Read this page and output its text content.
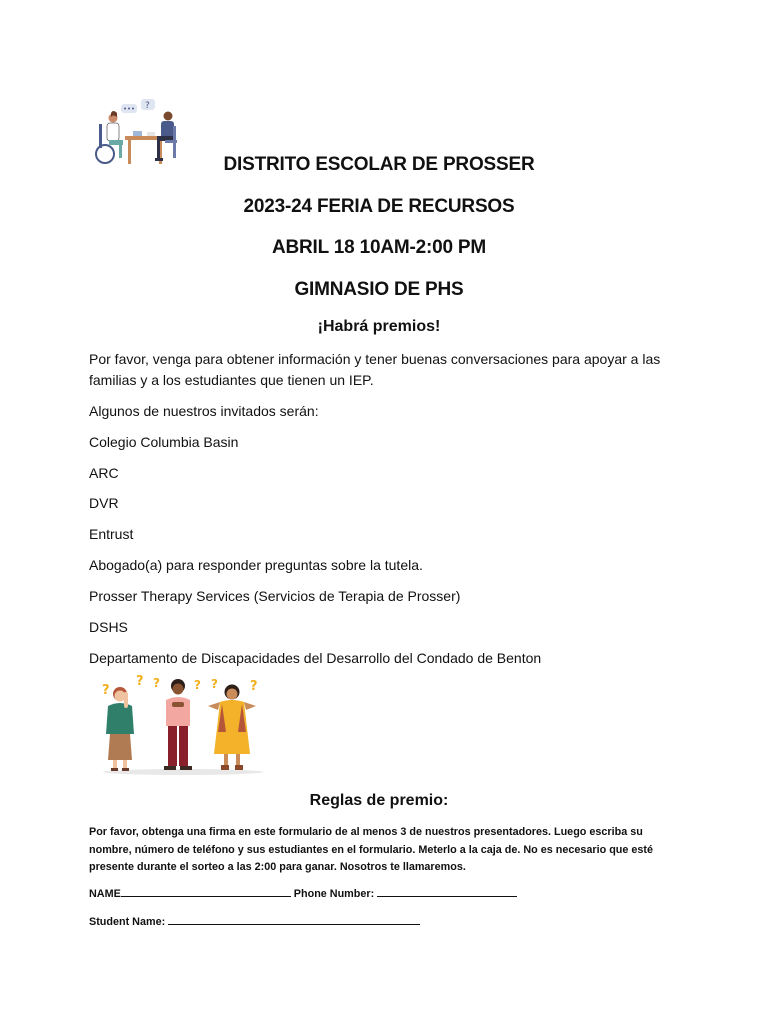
?
DISTRITO ESCOLAR DE PROSSER
2023-24 FERIA DE RECURSOS
ABRIL 18 10AM-2:00 PM
GIMNASIO DE PHS
¡Habrá premios!
Por favor, venga para obtener información y tener buenas conversaciones para apoyar a las familias y a los estudiantes que tienen un IEP.
Algunos de nuestros invitados serán:
Colegio Columbia Basin
ARC
DVR
Entrust
Abogado(a) para responder preguntas sobre la tutela.
Prosser Therapy Services (Servicios de Terapia de Prosser)
DSHS
Departamento de Discapacidades del Desarrollo del Condado de Benton
?
? ?	? ? ?
Reglas de premio:
Por favor, obtenga una firma en este formulario de al menos 3 de nuestros presentadores. Luego escriba su nombre, número de teléfono y sus estudiantes en el formulario. Meterlo a la caja de. No es necesario que esté presente durante el sorteo a las 2:00 para ganar. Nosotros te llamaremos.
NAME	Phone Number:
Student Name:
